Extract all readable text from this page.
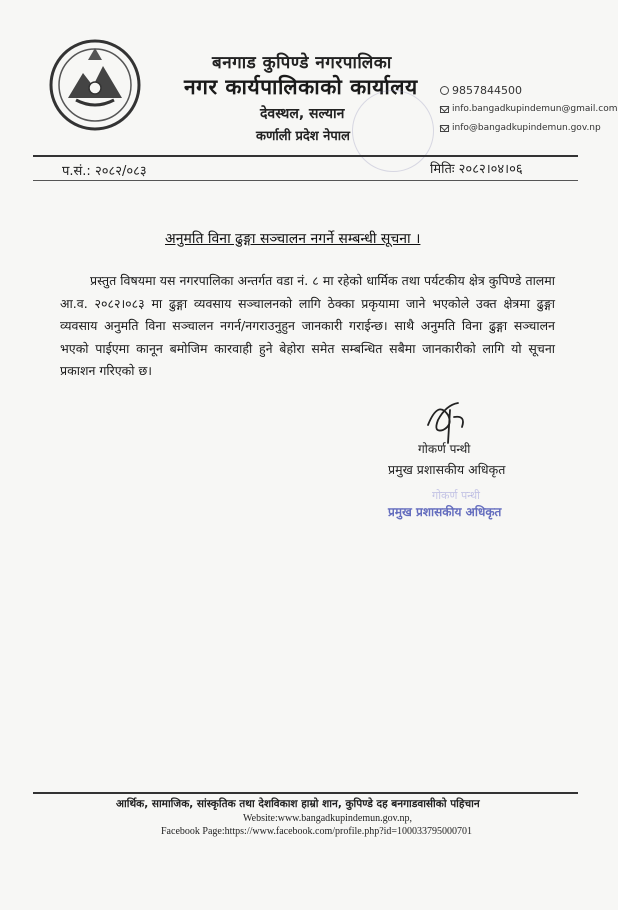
बनगाड कुपिण्डे नगरपालिका
नगर कार्यपालिकाको कार्यालय
देवस्थल, सल्यान
कर्णाली प्रदेश नेपाल
9857844500
info.bangadkupindemun@gmail.com
info@bangadkupindemun.gov.np
प.सं.: २०८२/०८३	मितिः २०८२।०४।०६
अनुमति विना ढुङ्गा सञ्चालन नगर्ने सम्बन्धी सूचना ।
प्रस्तुत विषयमा यस नगरपालिका अन्तर्गत वडा नं. ८ मा रहेको धार्मिक तथा पर्यटकीय क्षेत्र कुपिण्डे तालमा आ.व. २०८२।०८३ मा ढुङ्गा व्यवसाय सञ्चालनको लागि ठेक्का प्रकृयामा जाने भएकोले उक्त क्षेत्रमा ढुङ्गा व्यवसाय अनुमति विना सञ्चालन नगर्न/नगराउनुहुन जानकारी गराईन्छ। साथै अनुमति विना ढुङ्गा सञ्चालन भएको पाईएमा कानून बमोजिम कारवाही हुने बेहोरा समेत सम्बन्धित सबैमा जानकारीको लागि यो सूचना प्रकाशन गरिएको छ।
गोकर्ण पन्थी
प्रमुख प्रशासकीय अधिकृत
गोकर्ण पन्थी
प्रमुख प्रशासकीय अधिकृत
आर्थिक, सामाजिक, सांस्कृतिक तथा देशविकाश हाम्रो शान, कुपिण्डे दह बनगाडवासीको पहिचान
Website:www.bangadkupindemun.gov.np,
Facebook Page:https://www.facebook.com/profile.php?id=100033795000701
